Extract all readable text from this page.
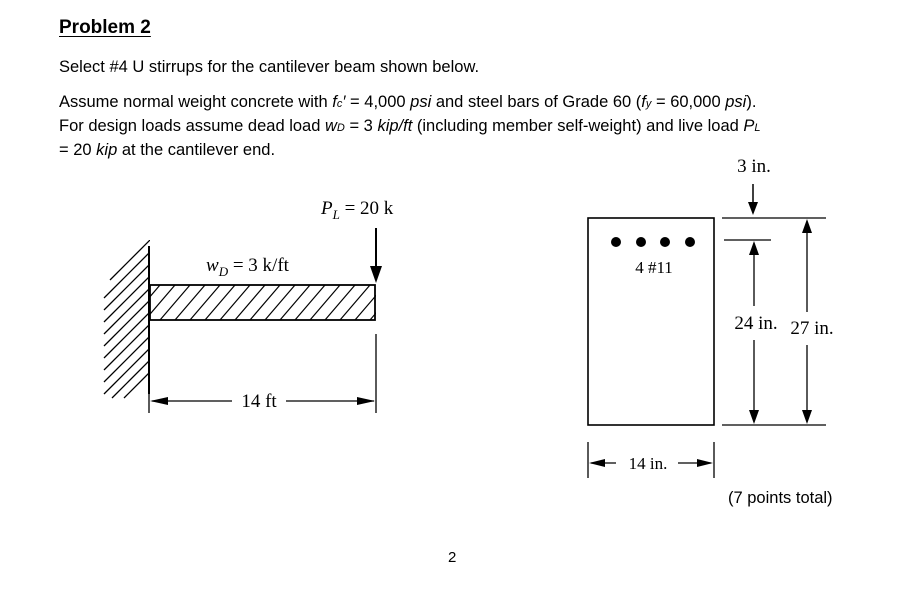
Problem 2
Select #4 U stirrups for the cantilever beam shown below.
Assume normal weight concrete with fc′ = 4,000 psi and steel bars of Grade 60 (fy = 60,000 psi).
For design loads assume dead load wD = 3 kip/ft (including member self-weight) and live load PL
= 20 kip at the cantilever end.
$P_L = 20$ k
$w_D = 3$ k/ft
14 ft
4 #11
3 in.
24 in. 27 in.
14 in.
(7 points total)
2
